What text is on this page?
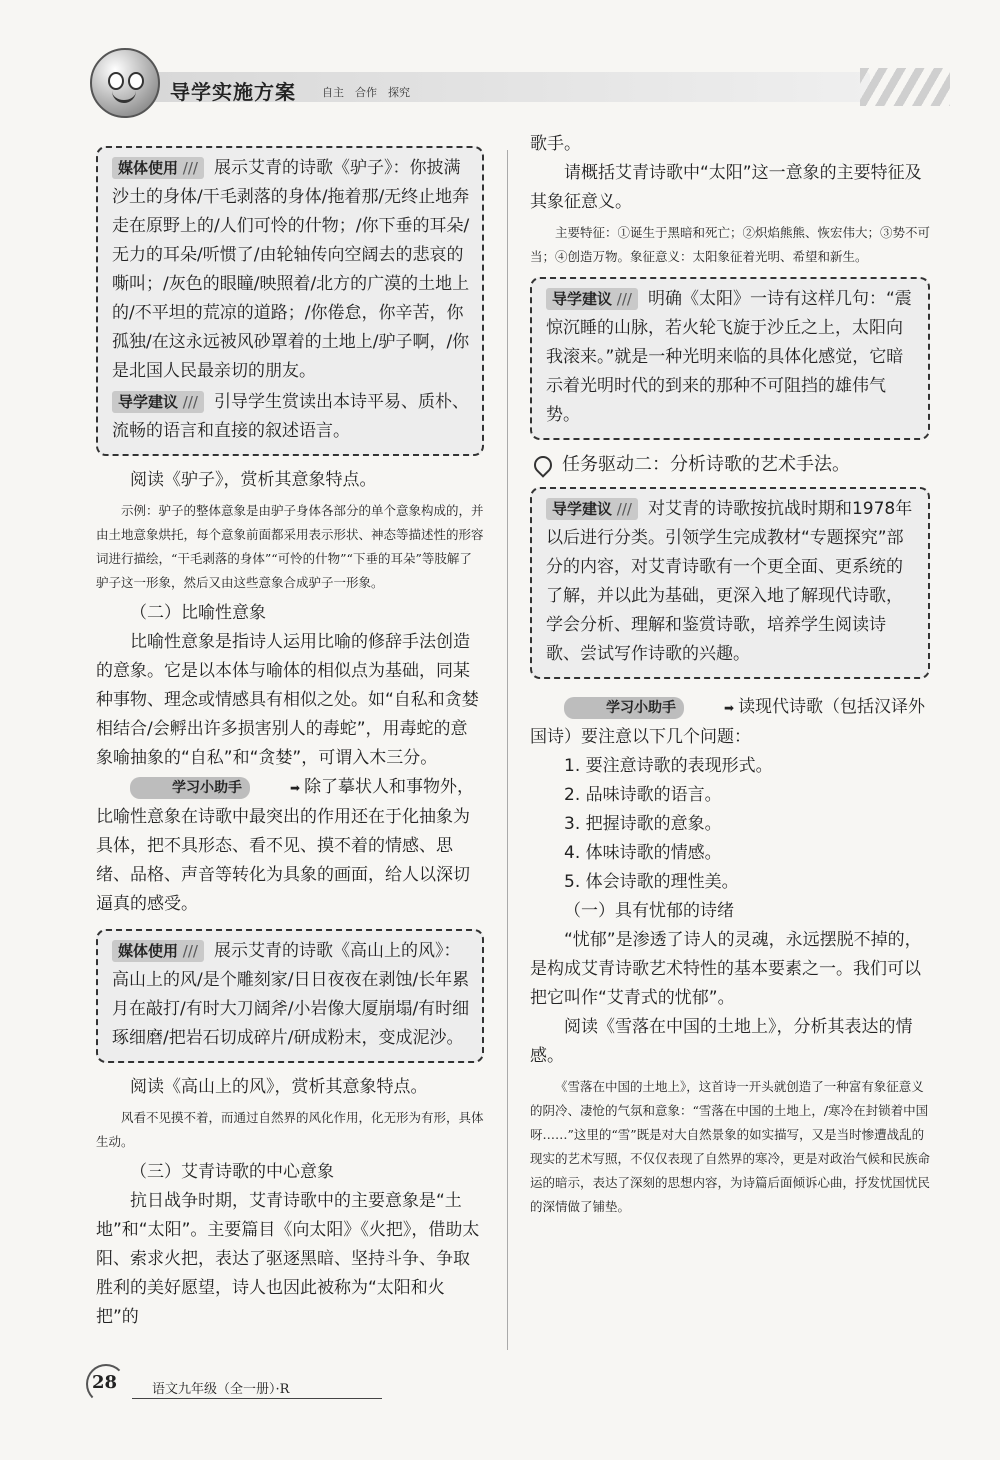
导学实施方案 自主　合作　探究

媒体使用 /// 展示艾青的诗歌《驴子》：你披满沙土的身体/干毛剥落的身体/拖着那/无终止地奔走在原野上的/人们可怜的什物；/你下垂的耳朵/无力的耳朵/听惯了/由轮轴传向空阔去的悲哀的嘶叫；/灰色的眼瞳/映照着/北方的广漠的土地上的/不平坦的荒凉的道路；/你倦怠，你辛苦，你孤独/在这永远被风砂罩着的土地上/驴子啊，/你是北国人民最亲切的朋友。

导学建议 /// 引导学生赏读出本诗平易、质朴、流畅的语言和直接的叙述语言。

阅读《驴子》，赏析其意象特点。

示例：驴子的整体意象是由驴子身体各部分的单个意象构成的，并由土地意象烘托，每个意象前面都采用表示形状、神态等描述性的形容词进行描绘，“干毛剥落的身体”“可怜的什物”“下垂的耳朵”等肢解了驴子这一形象，然后又由这些意象合成驴子一形象。

（二）比喻性意象

比喻性意象是指诗人运用比喻的修辞手法创造的意象。它是以本体与喻体的相似点为基础，同某种事物、理念或情感具有相似之处。如“自私和贪婪相结合/会孵出许多损害别人的毒蛇”，用毒蛇的意象喻抽象的“自私”和“贪婪”，可谓入木三分。

学习小助手	➡ 除了摹状人和事物外，比喻性意象在诗歌中最突出的作用还在于化抽象为具体，把不具形态、看不见、摸不着的情感、思绪、品格、声音等转化为具象的画面，给人以深切逼真的感受。

媒体使用 /// 展示艾青的诗歌《高山上的风》：高山上的风/是个雕刻家/日日夜夜在剥蚀/长年累月在敲打/有时大刀阔斧/小岩像大厦崩塌/有时细琢细磨/把岩石切成碎片/研成粉末，变成泥沙。

阅读《高山上的风》，赏析其意象特点。

风看不见摸不着，而通过自然界的风化作用，化无形为有形，具体生动。

（三）艾青诗歌的中心意象

抗日战争时期，艾青诗歌中的主要意象是“土地”和“太阳”。主要篇目《向太阳》《火把》，借助太阳、索求火把，表达了驱逐黑暗、坚持斗争、争取胜利的美好愿望，诗人也因此被称为“太阳和火把”的

歌手。

请概括艾青诗歌中“太阳”这一意象的主要特征及其象征意义。

主要特征：①诞生于黑暗和死亡；②炽焰熊熊、恢宏伟大；③势不可当；④创造万物。象征意义：太阳象征着光明、希望和新生。

导学建议 /// 明确《太阳》一诗有这样几句：“震惊沉睡的山脉，若火轮飞旋于沙丘之上，太阳向我滚来。”就是一种光明来临的具体化感觉，它暗示着光明时代的到来的那种不可阻挡的雄伟气势。

任务驱动二：分析诗歌的艺术手法。

导学建议 /// 对艾青的诗歌按抗战时期和1978年以后进行分类。引领学生完成教材“专题探究”部分的内容，对艾青诗歌有一个更全面、更系统的了解，并以此为基础，更深入地了解现代诗歌，学会分析、理解和鉴赏诗歌，培养学生阅读诗歌、尝试写作诗歌的兴趣。

学习小助手	➡ 读现代诗歌（包括汉译外国诗）要注意以下几个问题：

1. 要注意诗歌的表现形式。

2. 品味诗歌的语言。

3. 把握诗歌的意象。

4. 体味诗歌的情感。

5. 体会诗歌的理性美。

（一）具有忧郁的诗绪

“忧郁”是渗透了诗人的灵魂，永远摆脱不掉的，是构成艾青诗歌艺术特性的基本要素之一。我们可以把它叫作“艾青式的忧郁”。

阅读《雪落在中国的土地上》，分析其表达的情感。

《雪落在中国的土地上》，这首诗一开头就创造了一种富有象征意义的阴冷、凄怆的气氛和意象：“雪落在中国的土地上，/寒冷在封锁着中国呀……”这里的“雪”既是对大自然景象的如实描写，又是当时惨遭战乱的现实的艺术写照，不仅仅表现了自然界的寒冷，更是对政治气候和民族命运的暗示，表达了深刻的思想内容，为诗篇后面倾诉心曲，抒发忧国忧民的深情做了铺垫。

28	语文九年级（全一册）·R
